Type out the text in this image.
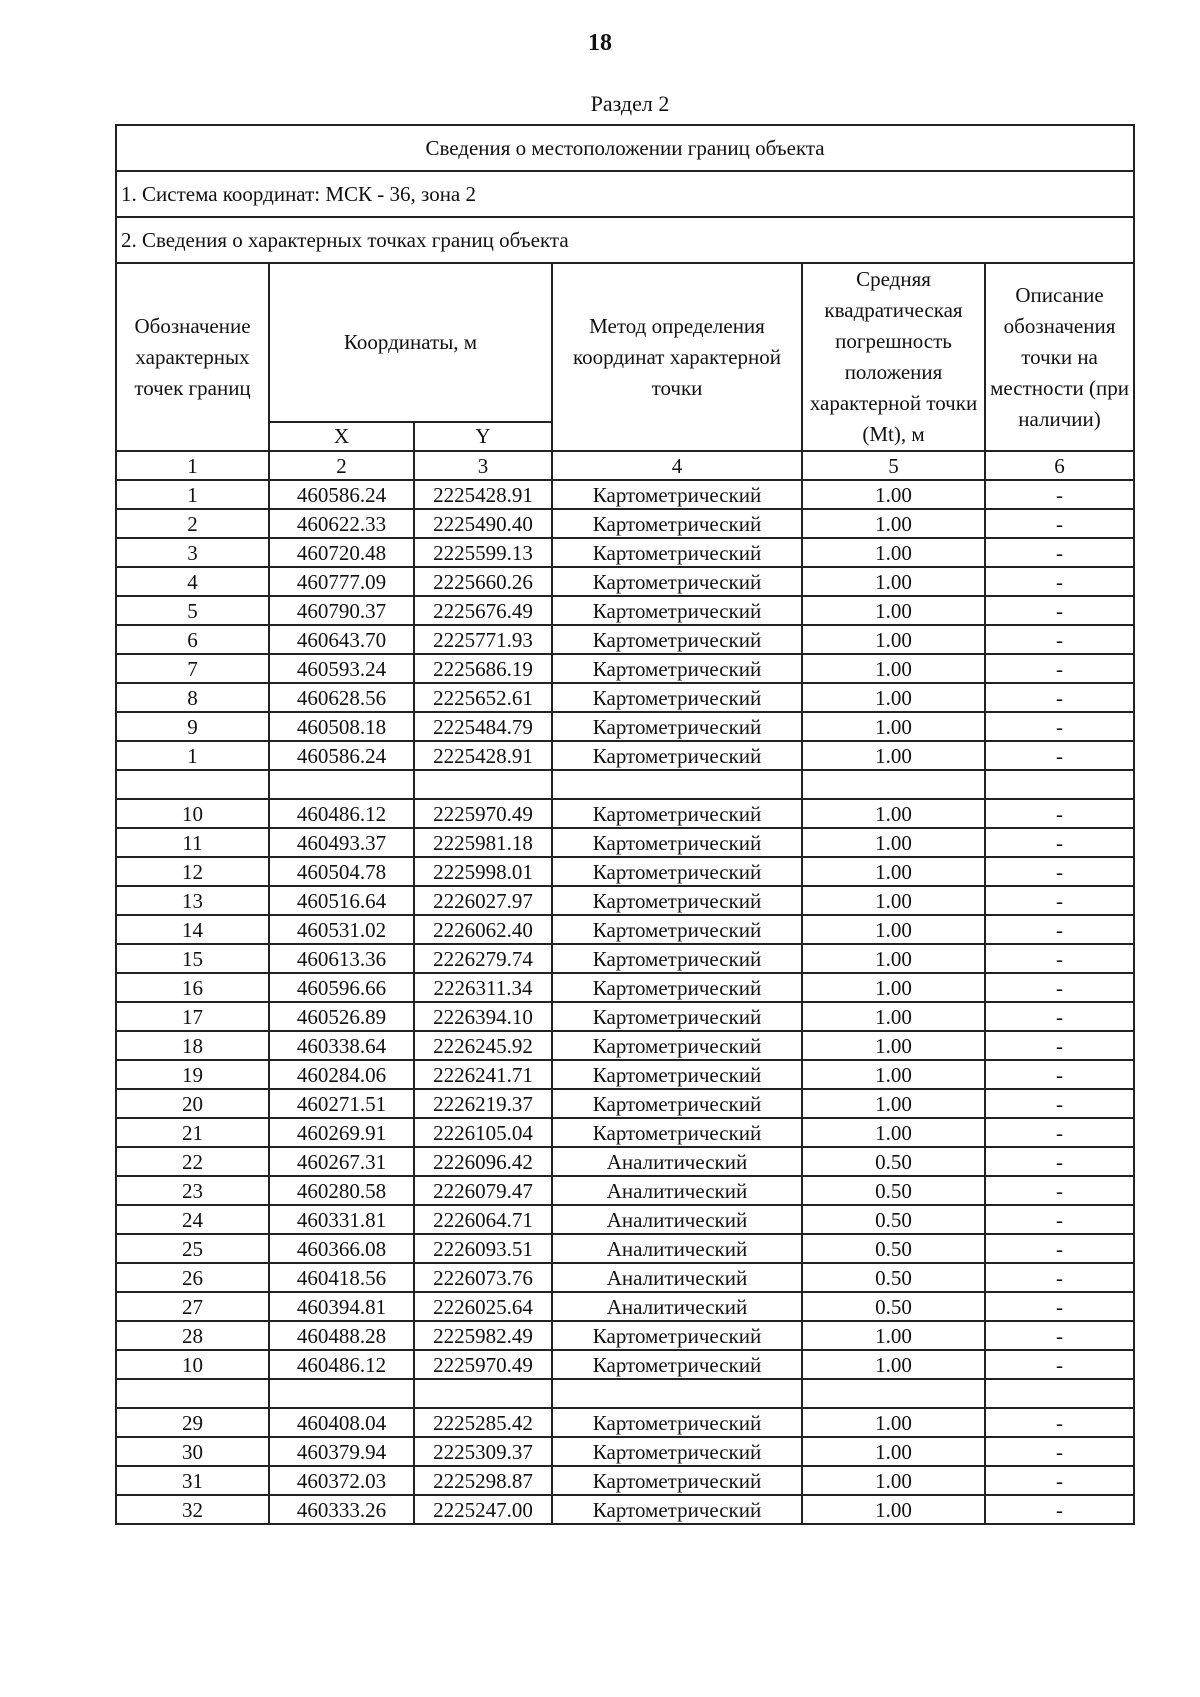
18
Раздел 2
Сведения о местоположении границ объекта					
1. Система координат: МСК - 36, зона 2					
2. Сведения о характерных точках границ объекта					
Обозначение характерных точек границ	Координаты, м		Метод определения координат характерной точки	Средняя квадратическая погрешность положения характерной точки (Mt), м	Описание обозначения точки на местности (при наличии)
	X	Y			
1	2	3	4	5	6
1	460586.24	2225428.91	Картометрический	1.00	-
2	460622.33	2225490.40	Картометрический	1.00	-
3	460720.48	2225599.13	Картометрический	1.00	-
4	460777.09	2225660.26	Картометрический	1.00	-
5	460790.37	2225676.49	Картометрический	1.00	-
6	460643.70	2225771.93	Картометрический	1.00	-
7	460593.24	2225686.19	Картометрический	1.00	-
8	460628.56	2225652.61	Картометрический	1.00	-
9	460508.18	2225484.79	Картометрический	1.00	-
1	460586.24	2225428.91	Картометрический	1.00	-

10	460486.12	2225970.49	Картометрический	1.00	-
11	460493.37	2225981.18	Картометрический	1.00	-
12	460504.78	2225998.01	Картометрический	1.00	-
13	460516.64	2226027.97	Картометрический	1.00	-
14	460531.02	2226062.40	Картометрический	1.00	-
15	460613.36	2226279.74	Картометрический	1.00	-
16	460596.66	2226311.34	Картометрический	1.00	-
17	460526.89	2226394.10	Картометрический	1.00	-
18	460338.64	2226245.92	Картометрический	1.00	-
19	460284.06	2226241.71	Картометрический	1.00	-
20	460271.51	2226219.37	Картометрический	1.00	-
21	460269.91	2226105.04	Картометрический	1.00	-
22	460267.31	2226096.42	Аналитический	0.50	-
23	460280.58	2226079.47	Аналитический	0.50	-
24	460331.81	2226064.71	Аналитический	0.50	-
25	460366.08	2226093.51	Аналитический	0.50	-
26	460418.56	2226073.76	Аналитический	0.50	-
27	460394.81	2226025.64	Аналитический	0.50	-
28	460488.28	2225982.49	Картометрический	1.00	-
10	460486.12	2225970.49	Картометрический	1.00	-

29	460408.04	2225285.42	Картометрический	1.00	-
30	460379.94	2225309.37	Картометрический	1.00	-
31	460372.03	2225298.87	Картометрический	1.00	-
32	460333.26	2225247.00	Картометрический	1.00	-
